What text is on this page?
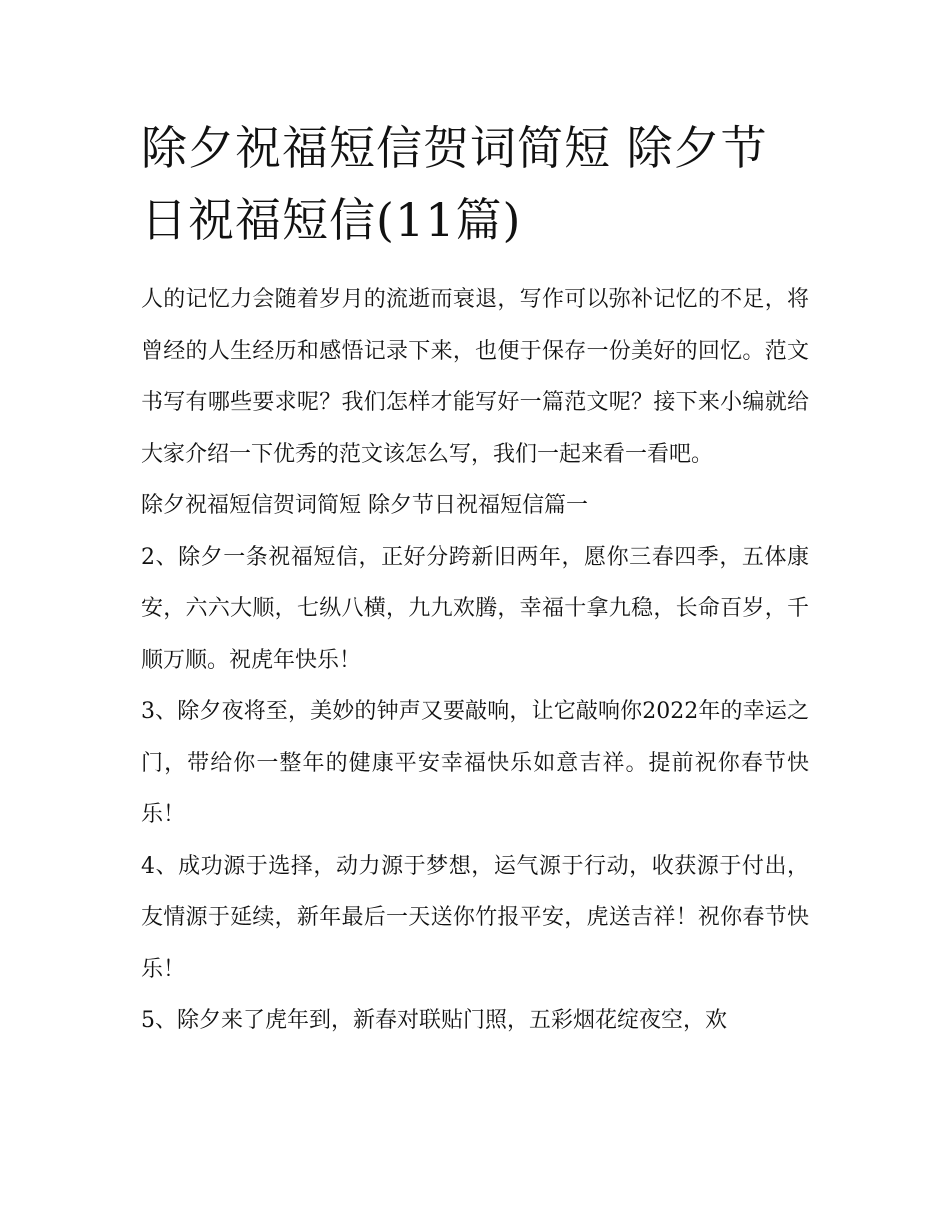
除夕祝福短信贺词简短 除夕节日祝福短信(11篇)

人的记忆力会随着岁月的流逝而衰退，写作可以弥补记忆的不足，将曾经的人生经历和感悟记录下来，也便于保存一份美好的回忆。范文书写有哪些要求呢？我们怎样才能写好一篇范文呢？接下来小编就给大家介绍一下优秀的范文该怎么写，我们一起来看一看吧。

除夕祝福短信贺词简短 除夕节日祝福短信篇一

2、除夕一条祝福短信，正好分跨新旧两年，愿你三春四季，五体康安，六六大顺，七纵八横，九九欢腾，幸福十拿九稳，长命百岁，千顺万顺。祝虎年快乐！

3、除夕夜将至，美妙的钟声又要敲响，让它敲响你2022年的幸运之门，带给你一整年的健康平安幸福快乐如意吉祥。提前祝你春节快乐！

4、成功源于选择，动力源于梦想，运气源于行动，收获源于付出，友情源于延续，新年最后一天送你竹报平安，虎送吉祥！祝你春节快乐！

5、除夕来了虎年到，新春对联贴门照，五彩烟花绽夜空，欢
